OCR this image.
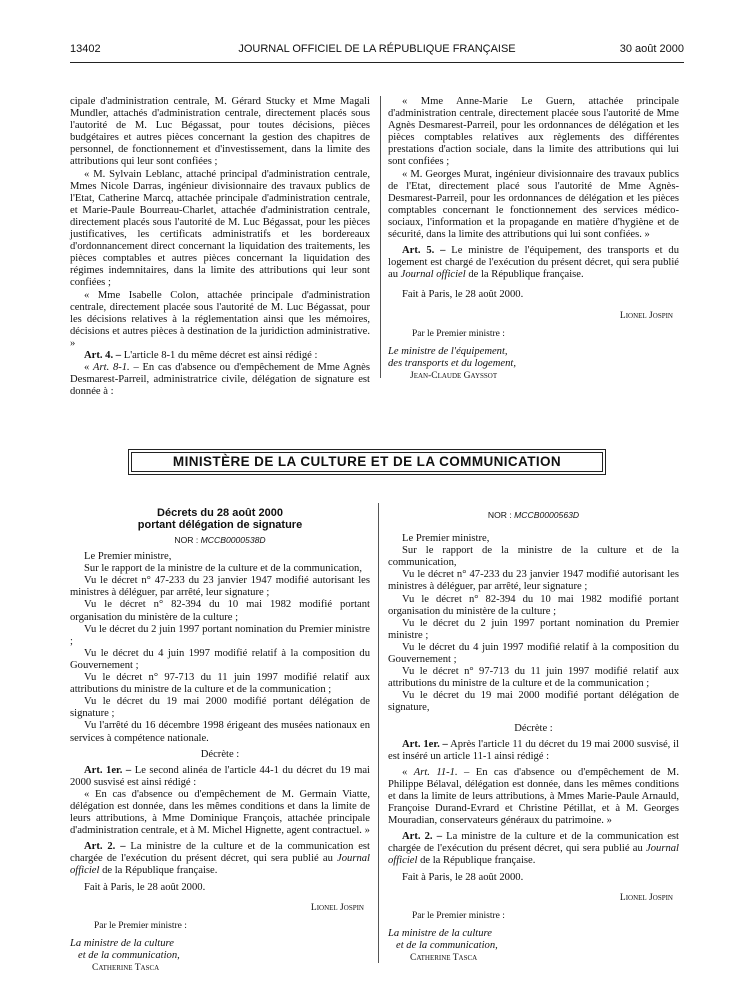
13402	JOURNAL OFFICIEL DE LA RÉPUBLIQUE FRANÇAISE	30 août 2000

cipale d'administration centrale, M. Gérard Stucky et Mme Magali Mundler, attachés d'administration centrale, directement placés sous l'autorité de M. Luc Bégassat, pour toutes décisions, pièces budgétaires et autres pièces concernant la gestion des chapitres de personnel, de fonctionnement et d'investissement, dans la limite des attributions qui leur sont confiées ;

« M. Sylvain Leblanc, attaché principal d'administration centrale, Mmes Nicole Darras, ingénieur divisionnaire des travaux publics de l'Etat, Catherine Marcq, attachée principale d'administration centrale, et Marie-Paule Bourreau-Charlet, attachée d'administration centrale, directement placés sous l'autorité de M. Luc Bégassat, pour les pièces justificatives, les certificats administratifs et les bordereaux d'ordonnancement direct concernant la liquidation des traitements, les pièces comptables et autres pièces concernant la liquidation des régimes indemnitaires, dans la limite des attributions qui leur sont confiées ;

« Mme Isabelle Colon, attachée principale d'administration centrale, directement placée sous l'autorité de M. Luc Bégassat, pour les décisions relatives à la réglementation ainsi que les mémoires, décisions et autres pièces à destination de la juridiction administrative. »

Art. 4. – L'article 8-1 du même décret est ainsi rédigé :

« Art. 8-1. – En cas d'absence ou d'empêchement de Mme Agnès Desmarest-Parreil, administratrice civile, délégation de signature est donnée à :

« Mme Anne-Marie Le Guern, attachée principale d'administration centrale, directement placée sous l'autorité de Mme Agnès Desmarest-Parreil, pour les ordonnances de délégation et les pièces comptables relatives aux règlements des différentes prestations d'action sociale, dans la limite des attributions qui lui sont confiées ;

« M. Georges Murat, ingénieur divisionnaire des travaux publics de l'Etat, directement placé sous l'autorité de Mme Agnès-Desmarest-Parreil, pour les ordonnances de délégation et les pièces comptables concernant le fonctionnement des services médico-sociaux, l'information et la propagande en matière d'hygiène et de sécurité, dans la limite des attributions qui lui sont confiées. »

Art. 5. – Le ministre de l'équipement, des transports et du logement est chargé de l'exécution du présent décret, qui sera publié au Journal officiel de la République française.

Fait à Paris, le 28 août 2000.

Lionel Jospin

Par le Premier ministre :

Le ministre de l'équipement,

des transports et du logement,

Jean-Claude Gayssot

MINISTÈRE DE LA CULTURE ET DE LA COMMUNICATION
Décrets du 28 août 2000
portant délégation de signature
NOR : MCCB0000538D

Le Premier ministre,

Sur le rapport de la ministre de la culture et de la communication,

Vu le décret n° 47-233 du 23 janvier 1947 modifié autorisant les ministres à déléguer, par arrêté, leur signature ;

Vu le décret n° 82-394 du 10 mai 1982 modifié portant organisation du ministère de la culture ;

Vu le décret du 2 juin 1997 portant nomination du Premier ministre ;

Vu le décret du 4 juin 1997 modifié relatif à la composition du Gouvernement ;

Vu le décret n° 97-713 du 11 juin 1997 modifié relatif aux attributions du ministre de la culture et de la communication ;

Vu le décret du 19 mai 2000 modifié portant délégation de signature ;

Vu l'arrêté du 16 décembre 1998 érigeant des musées nationaux en services à compétence nationale.

Décrète :

Art. 1er. – Le second alinéa de l'article 44-1 du décret du 19 mai 2000 susvisé est ainsi rédigé :

« En cas d'absence ou d'empêchement de M. Germain Viatte, délégation est donnée, dans les mêmes conditions et dans la limite de leurs attributions, à Mme Dominique François, attachée principale d'administration centrale, et à M. Michel Hignette, agent contractuel. »

Art. 2. – La ministre de la culture et de la communication est chargée de l'exécution du présent décret, qui sera publié au Journal officiel de la République française.

Fait à Paris, le 28 août 2000.

Lionel Jospin

Par le Premier ministre :

La ministre de la culture

et de la communication,

Catherine Tasca

NOR : MCCB0000563D

Le Premier ministre,

Sur le rapport de la ministre de la culture et de la communication,

Vu le décret n° 47-233 du 23 janvier 1947 modifié autorisant les ministres à déléguer, par arrêté, leur signature ;

Vu le décret n° 82-394 du 10 mai 1982 modifié portant organisation du ministère de la culture ;

Vu le décret du 2 juin 1997 portant nomination du Premier ministre ;

Vu le décret du 4 juin 1997 modifié relatif à la composition du Gouvernement ;

Vu le décret n° 97-713 du 11 juin 1997 modifié relatif aux attributions du ministre de la culture et de la communication ;

Vu le décret du 19 mai 2000 modifié portant délégation de signature,

Décrète :

Art. 1er. – Après l'article 11 du décret du 19 mai 2000 susvisé, il est inséré un article 11-1 ainsi rédigé :

« Art. 11-1. – En cas d'absence ou d'empêchement de M. Philippe Bélaval, délégation est donnée, dans les mêmes conditions et dans la limite de leurs attributions, à Mmes Marie-Paule Arnauld, Françoise Durand-Evrard et Christine Pétillat, et à M. Georges Mouradian, conservateurs généraux du patrimoine. »

Art. 2. – La ministre de la culture et de la communication est chargée de l'exécution du présent décret, qui sera publié au Journal officiel de la République française.

Fait à Paris, le 28 août 2000.

Lionel Jospin

Par le Premier ministre :

La ministre de la culture

et de la communication,

Catherine Tasca
